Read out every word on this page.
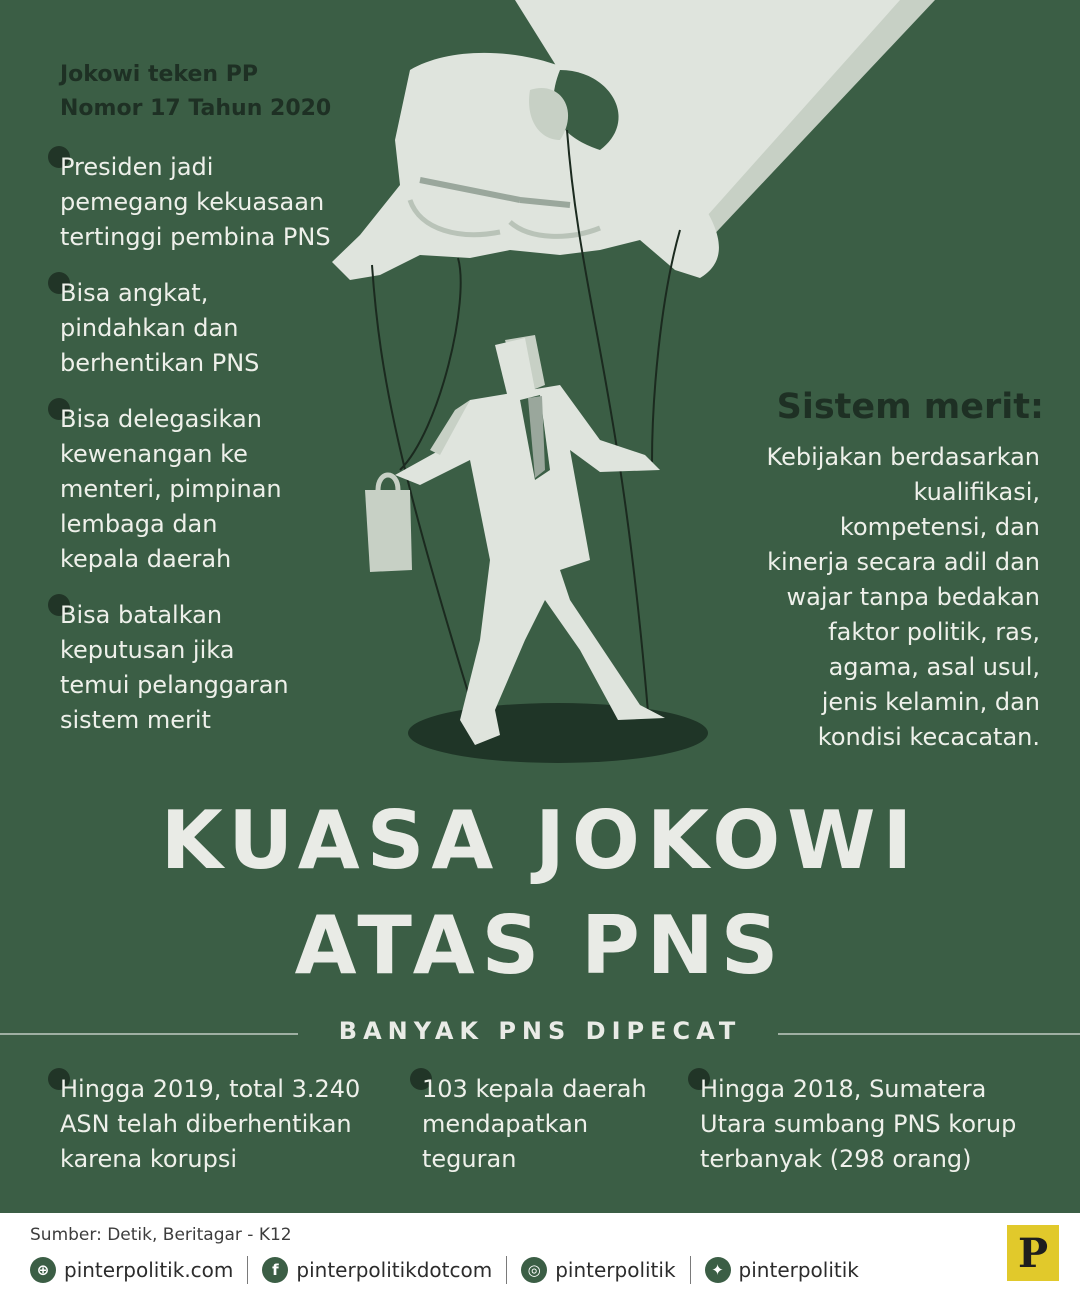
Jokowi teken PP
Nomor 17 Tahun 2020
Presiden jadi
pemegang kekuasaan
tertinggi pembina PNS
Bisa angkat,
pindahkan dan
berhentikan PNS
Bisa delegasikan
kewenangan ke
menteri, pimpinan
lembaga dan
kepala daerah
Bisa batalkan
keputusan jika
temui pelanggaran
sistem merit
Sistem merit:
Kebijakan berdasarkan
kualifikasi,
kompetensi, dan
kinerja secara adil dan
wajar tanpa bedakan
faktor politik, ras,
agama, asal usul,
jenis kelamin, dan
kondisi kecacatan.
KUASA JOKOWI
ATAS PNS
BANYAK PNS DIPECAT
Hingga 2019, total 3.240
ASN telah diberhentikan
karena korupsi
103 kepala daerah
mendapatkan
teguran
Hingga 2018, Sumatera
Utara sumbang PNS korup
terbanyak (298 orang)
Sumber: Detik, Beritagar - K12
⊕ pinterpolitik.com	f pinterpolitikdotcom	◎ pinterpolitik	✦ pinterpolitik	P
